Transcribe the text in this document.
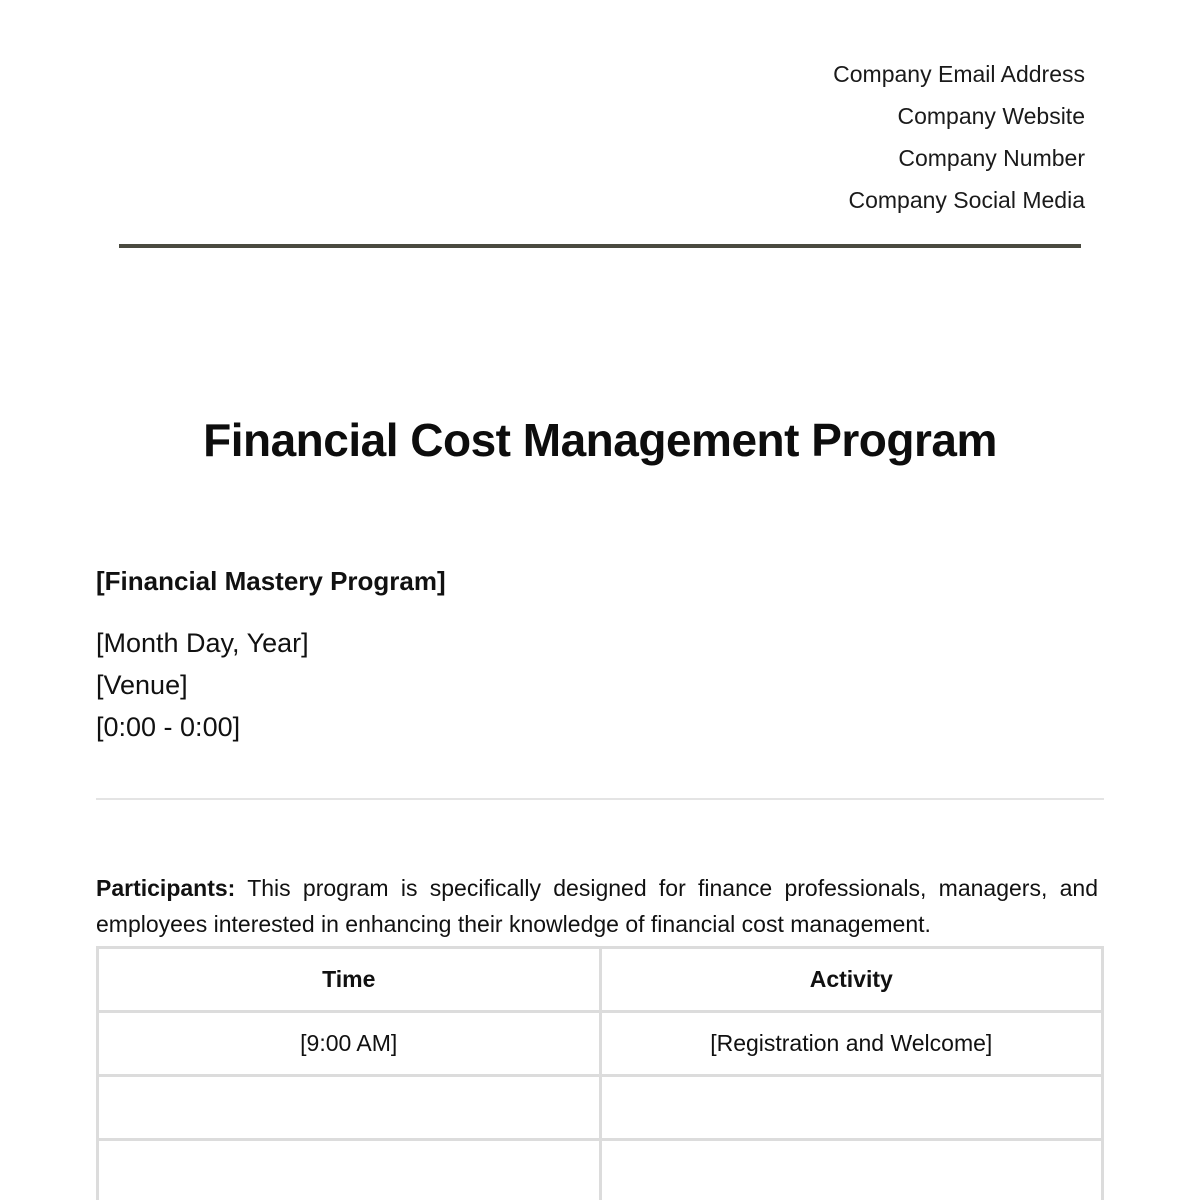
Company Email Address
Company Website
Company Number
Company Social Media
Financial Cost Management Program
[Financial Mastery Program]
[Month Day, Year]
[Venue]
[0:00 - 0:00]

Participants: This program is specifically designed for finance professionals, managers, and employees interested in enhancing their knowledge of financial cost management.

Time	Activity
[9:00 AM]	[Registration and Welcome]
